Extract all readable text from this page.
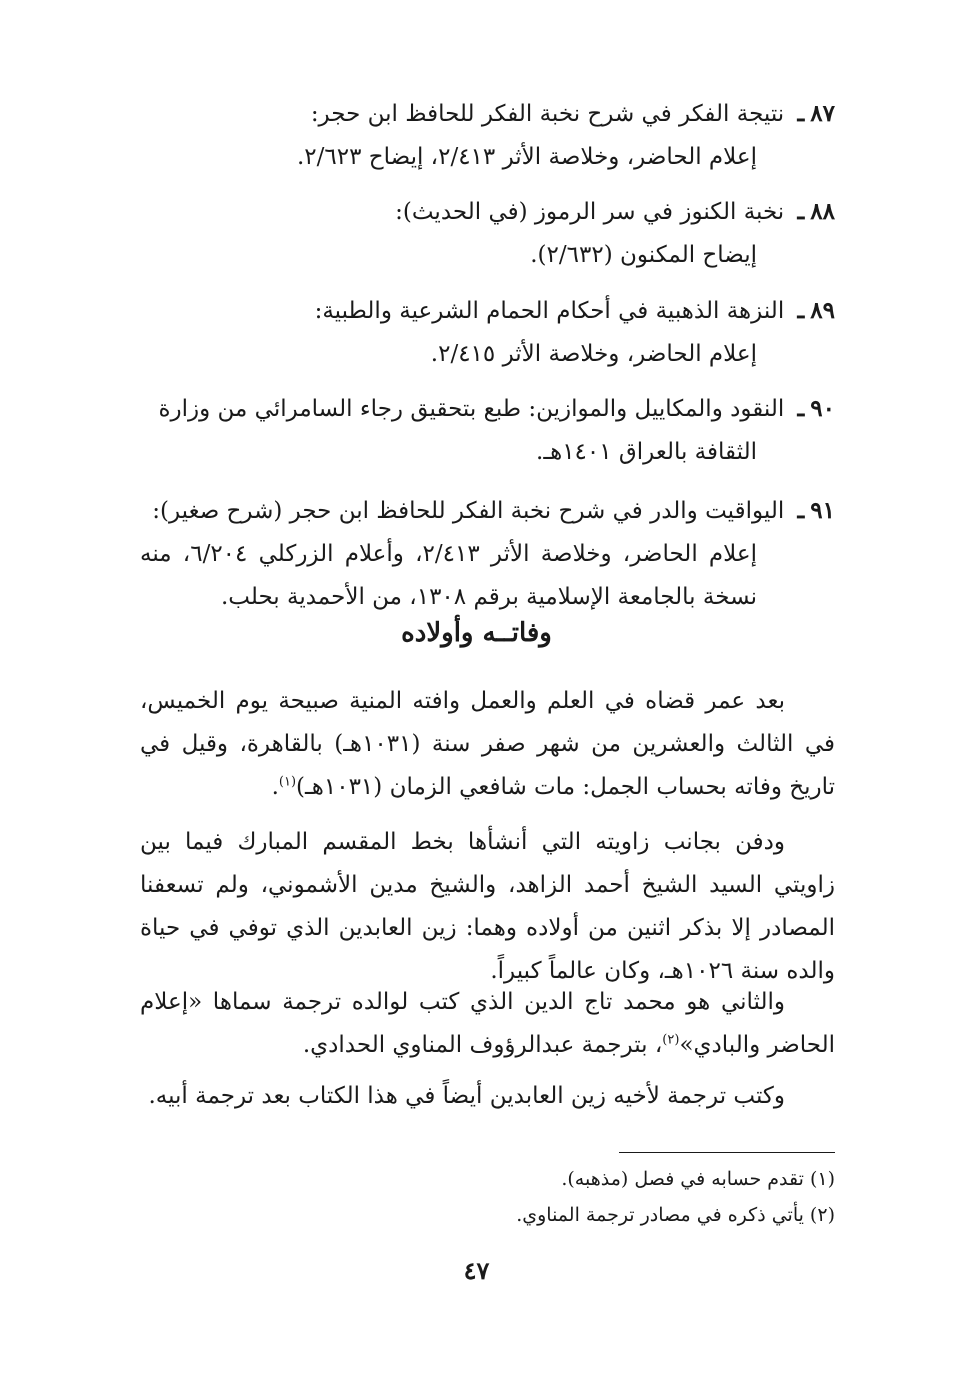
٨٧ـ نتيجة الفكر في شرح نخبة الفكر للحافظ ابن حجر:
إعلام الحاضر، وخلاصة الأثر ٢/٤١٣، إيضاح ٢/٦٢٣.
٨٨ـ نخبة الكنوز في سر الرموز (في الحديث):
إيضاح المكنون (٢/٦٣٢).
٨٩ـ النزهة الذهبية في أحكام الحمام الشرعية والطبية:
إعلام الحاضر، وخلاصة الأثر ٢/٤١٥.
٩٠ـ النقود والمكاييل والموازين: طبع بتحقيق رجاء السامرائي من وزارة
الثقافة بالعراق ١٤٠١هـ.
٩١ـ اليواقيت والدر في شرح نخبة الفكر للحافظ ابن حجر (شرح صغير):
إعلام الحاضر، وخلاصة الأثر ٢/٤١٣، وأعلام الزركلي ٦/٢٠٤، منه نسخة بالجامعة الإسلامية برقم ١٣٠٨، من الأحمدية بحلب.
وفاتــه وأولاده
بعد عمر قضاه في العلم والعمل وافته المنية صبيحة يوم الخميس، في الثالث والعشرين من شهر صفر سنة (١٠٣١هـ) بالقاهرة، وقيل في تاريخ وفاته بحساب الجمل: مات شافعي الزمان (١٠٣١هـ)$^{(١)}$.
ودفن بجانب زاويته التي أنشأها بخط المقسم المبارك فيما بين زاويتي السيد الشيخ أحمد الزاهد، والشيخ مدين الأشموني، ولم تسعفنا المصادر إلا بذكر اثنين من أولاده وهما: زين العابدين الذي توفي في حياة والده سنة ١٠٢٦هـ، وكان عالماً كبيراً.
والثاني هو محمد تاج الدين الذي كتب لوالده ترجمة سماها «إعلام الحاضر والبادي»$^{(٢)}$، بترجمة عبدالرؤوف المناوي الحدادي.
وكتب ترجمة لأخيه زين العابدين أيضاً في هذا الكتاب بعد ترجمة أبيه.
(١) تقدم حسابه في فصل (مذهبه).
(٢) يأتي ذكره في مصادر ترجمة المناوي.
٤٧
